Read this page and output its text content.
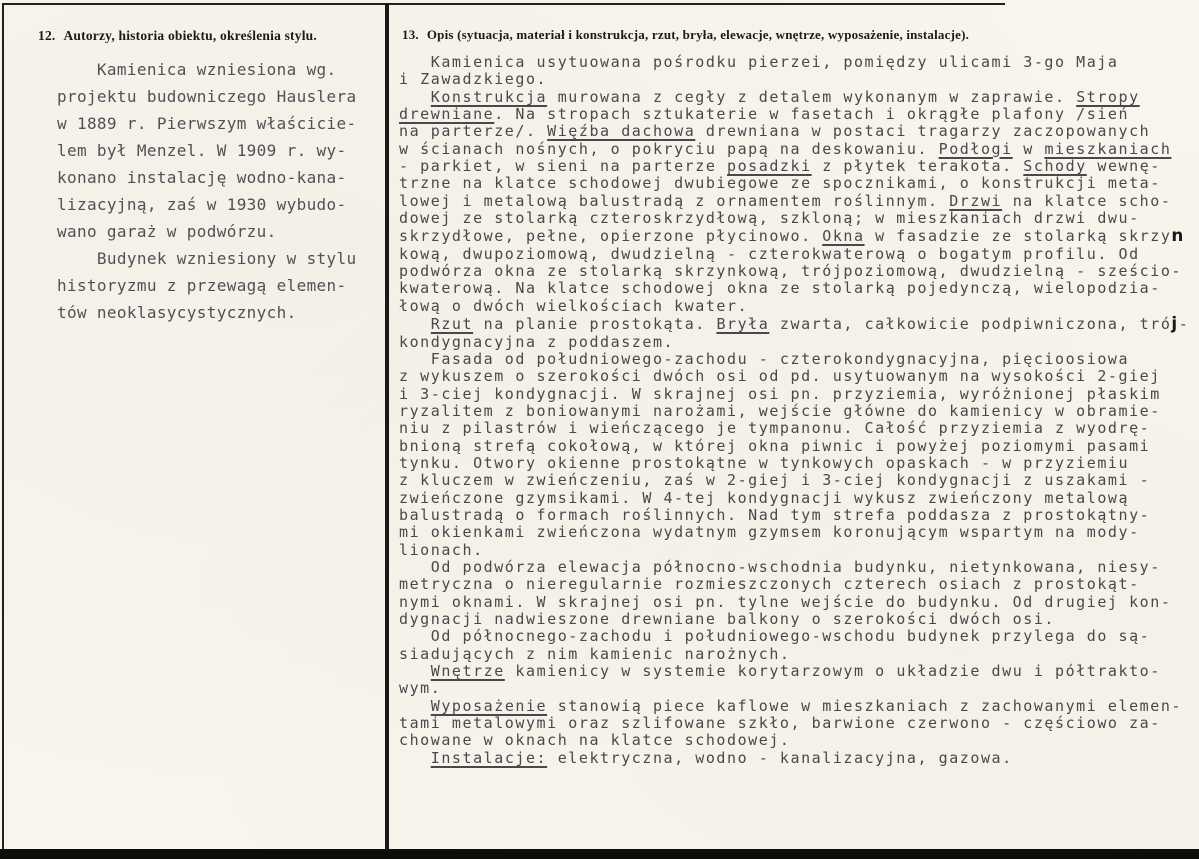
12. Autorzy, historia obiektu, określenia stylu.	13. Opis (sytuacja, materiał i konstrukcja, rzut, bryła, elewacje, wnętrze, wyposażenie, instalacje).
Kamienica wzniesiona wg.
projektu budowniczego Hauslera
w 1889 r. Pierwszym właścicie-
lem był Menzel. W 1909 r. wy-
konano instalację wodno-kana-
lizacyjną, zaś w 1930 wybudo-
wano garaż w podwórzu.
Budynek wzniesiony w stylu
historyzmu z przewagą elemen-
tów neoklasycystycznych.
Kamienica usytuowana pośrodku pierzei, pomiędzy ulicami 3-go Maja
i Zawadzkiego.
Konstrukcja murowana z cegły z detalem wykonanym w zaprawie. Stropy
drewniane. Na stropach sztukaterie w fasetach i okrągłe plafony /sień
na parterze/. Więźba dachowa drewniana w postaci tragarzy zaczopowanych
w ścianach nośnych, o pokryciu papą na deskowaniu. Podłogi w mieszkaniach
- parkiet, w sieni na parterze posadzki z płytek terakota. Schody wewnę-
trzne na klatce schodowej dwubiegowe ze spocznikami, o konstrukcji meta-
lowej i metalową balustradą z ornamentem roślinnym. Drzwi na klatce scho-
dowej ze stolarką czteroskrzydłową, szkloną; w mieszkaniach drzwi dwu-
skrzydłowe, pełne, opierzone płycinowo. Okna w fasadzie ze stolarką skrzyn
kową, dwupoziomową, dwudzielną - czterokwaterową o bogatym profilu. Od
podwórza okna ze stolarką skrzynkową, trójpoziomową, dwudzielną - sześcio-
kwaterową. Na klatce schodowej okna ze stolarką pojedynczą, wielopodzia-
łową o dwóch wielkościach kwater.
Rzut na planie prostokąta. Bryła zwarta, całkowicie podpiwniczona, trój-
kondygnacyjna z poddaszem.
Fasada od południowego-zachodu - czterokondygnacyjna, pięcioosiowa
z wykuszem o szerokości dwóch osi od pd. usytuowanym na wysokości 2-giej
i 3-ciej kondygnacji. W skrajnej osi pn. przyziemia, wyróżnionej płaskim
ryzalitem z boniowanymi narożami, wejście główne do kamienicy w obramie-
niu z pilastrów i wieńczącego je tympanonu. Całość przyziemia z wyodrę-
bnioną strefą cokołową, w której okna piwnic i powyżej poziomymi pasami
tynku. Otwory okienne prostokątne w tynkowych opaskach - w przyziemiu
z kluczem w zwieńczeniu, zaś w 2-giej i 3-ciej kondygnacji z uszakami -
zwieńczone gzymsikami. W 4-tej kondygnacji wykusz zwieńczony metalową
balustradą o formach roślinnych. Nad tym strefa poddasza z prostokątny-
mi okienkami zwieńczona wydatnym gzymsem koronującym wspartym na mody-
lionach.
Od podwórza elewacja północno-wschodnia budynku, nietynkowana, niesy-
metryczna o nieregularnie rozmieszczonych czterech osiach z prostokąt-
nymi oknami. W skrajnej osi pn. tylne wejście do budynku. Od drugiej kon-
dygnacji nadwieszone drewniane balkony o szerokości dwóch osi.
Od północnego-zachodu i południowego-wschodu budynek przylega do są-
siadujących z nim kamienic narożnych.
Wnętrze kamienicy w systemie korytarzowym o układzie dwu i półtrakto-
wym.
Wyposażenie stanowią piece kaflowe w mieszkaniach z zachowanymi elemen-
tami metalowymi oraz szlifowane szkło, barwione czerwono - częściowo za-
chowane w oknach na klatce schodowej.
Instalacje: elektryczna, wodno - kanalizacyjna, gazowa.
